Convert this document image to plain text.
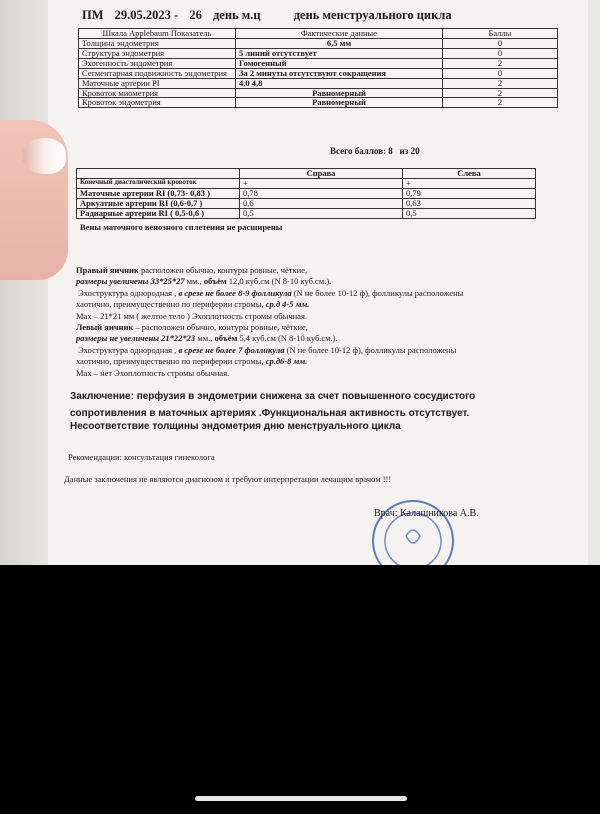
ПМ 29.05.2023 - 26 день м.ц	день менструального цикла
Шкала Applebaum Показатель	Фактические данные	Баллы
Толщина эндометрия	6,5 мм	0
Структура эндометрия	5 линий отсутствует	0
Эхогенность эндометрия	Гомогенный	2
Сегментарная подвижность эндометрия	За 2 минуты отсутствуют сокращения	0
Маточные артерии PI	4,0 4,8	2
Кровоток миометрия	Равномерный	2
Кровоток эндометрия	Равномерный	2
Всего баллов: 8 из 20
	Справа	Слева
Конечный диастолический кровоток	+	+
Маточные артерии RI (0,73- 0,83 )	0,78	0,79
Аркуатные артерии RI (0,6-0,7 )	0,6	0,63
Радиарные артерии RI ( 0,5-0,6 )	0,5	0,5
Вены маточного венозного сплетения не расширены
Правый яичник расположен обычно, контуры ровные, чёткие,
размеры увеличены 33*25*27 мм., объём 12,0 куб.см (N 8-10 куб.см.).
Эхоструктура однородная , в срезе не более 8-9 фолликула (N не более 10-12 ф), фолликулы расположены
хаотично, преимущественно по периферии стромы, ср.д 4-5 мм.
Мах – 21*21 мм ( желтое тело ) Эхоплотность стромы обычная.
Левый яичник – расположен обычно, контуры ровные, чёткие,
размеры не увеличены 21*22*23 мм., объём 5,4 куб.см (N 8-10 куб.см.).
Эхоструктура однородная , в срезе не более 7 фолликула (N не более 10-12 ф), фолликулы расположены
хаотично, преимущественно по периферии стромы, ср.д6-8 мм.
Мах – нет Эхоплотность стромы обычная.
Заключение: перфузия в эндометрии снижена за счет повышенного сосудистого
сопротивления в маточных артериях .Функциональная активность отсутствует.
Несоответствие толщины эндометрия дню менструального цикла
Рекомендации: консультация гинеколога
Данные заключения не являются диагнозом и требуют интерпретации лечащим врачом !!!
Врач: Калашникова А.В.
